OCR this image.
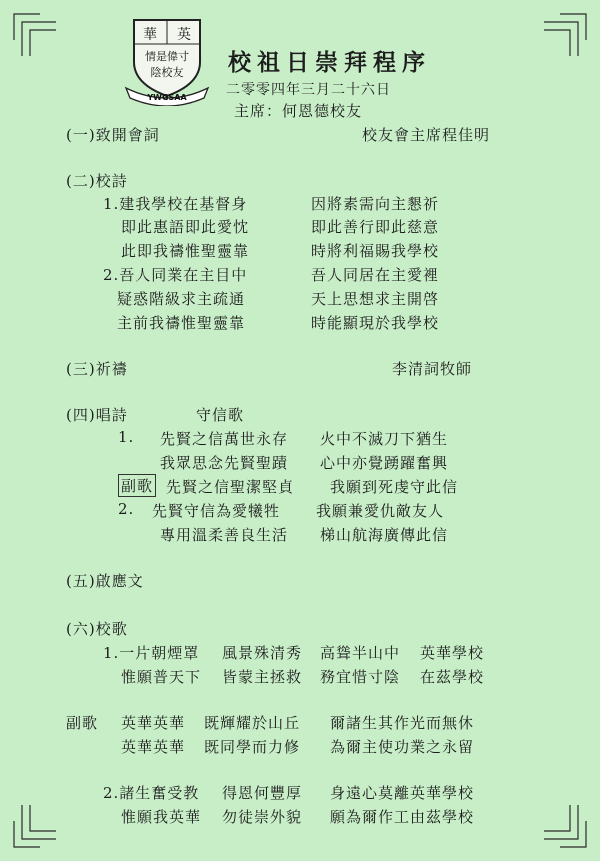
華 英
情是偉寸
陰校友
YWGSAA
校祖日崇拜程序
二零零四年三月二十六日
主席：何恩德校友
(一)致開會詞	校友會主席程佳明
(二)校詩
1.建我學校在基督身	因將素需向主懇祈
即此惠語即此愛忱	即此善行即此慈意
此即我禱惟聖靈靠	時將利福賜我學校
2.吾人同業在主目中	吾人同居在主愛裡
疑惑階級求主疏通	天上思想求主開啓
主前我禱惟聖靈靠	時能顯現於我學校
(三)祈禱	李清詞牧師
(四)唱詩	守信歌
1. 先賢之信萬世永存 火中不滅刀下猶生
我眾思念先賢聖蹟 心中亦覺踴躍奮興
副歌 先賢之信聖潔堅貞 我願到死虔守此信
2. 先賢守信為愛犧牲 我願兼愛仇敵友人
專用溫柔善良生活 梯山航海廣傳此信
(五)啟應文
(六)校歌
1.一片朝煙罩 風景殊清秀 高聳半山中 英華學校
惟願普天下 皆蒙主拯救 務宜惜寸陰 在茲學校
副歌 英華英華 既輝耀於山丘 爾諸生其作光而無休
英華英華 既同學而力修 為爾主使功業之永留
2.諸生奮受教 得恩何豐厚 身遠心莫離英華學校
惟願我英華 勿徒崇外貌 願為爾作工由茲學校
